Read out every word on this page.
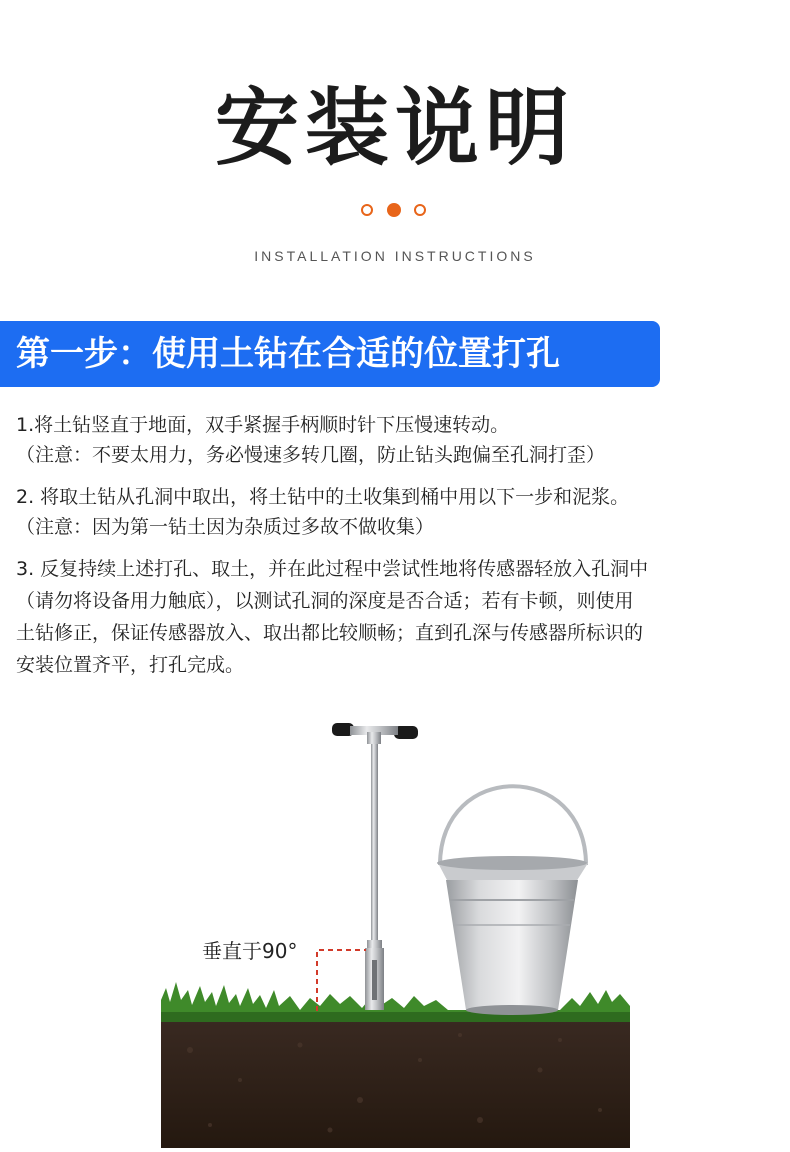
安装说明
INSTALLATION INSTRUCTIONS
第一步：使用土钻在合适的位置打孔
1.将土钻竖直于地面，双手紧握手柄顺时针下压慢速转动。
（注意：不要太用力，务必慢速多转几圈，防止钻头跑偏至孔洞打歪）
2. 将取土钻从孔洞中取出，将土钻中的土收集到桶中用以下一步和泥浆。
（注意：因为第一钻土因为杂质过多故不做收集）
3. 反复持续上述打孔、取土，并在此过程中尝试性地将传感器轻放入孔洞中
（请勿将设备用力触底），以测试孔洞的深度是否合适；若有卡顿，则使用
土钻修正，保证传感器放入、取出都比较顺畅；直到孔深与传感器所标识的
安装位置齐平，打孔完成。
垂直于90°
